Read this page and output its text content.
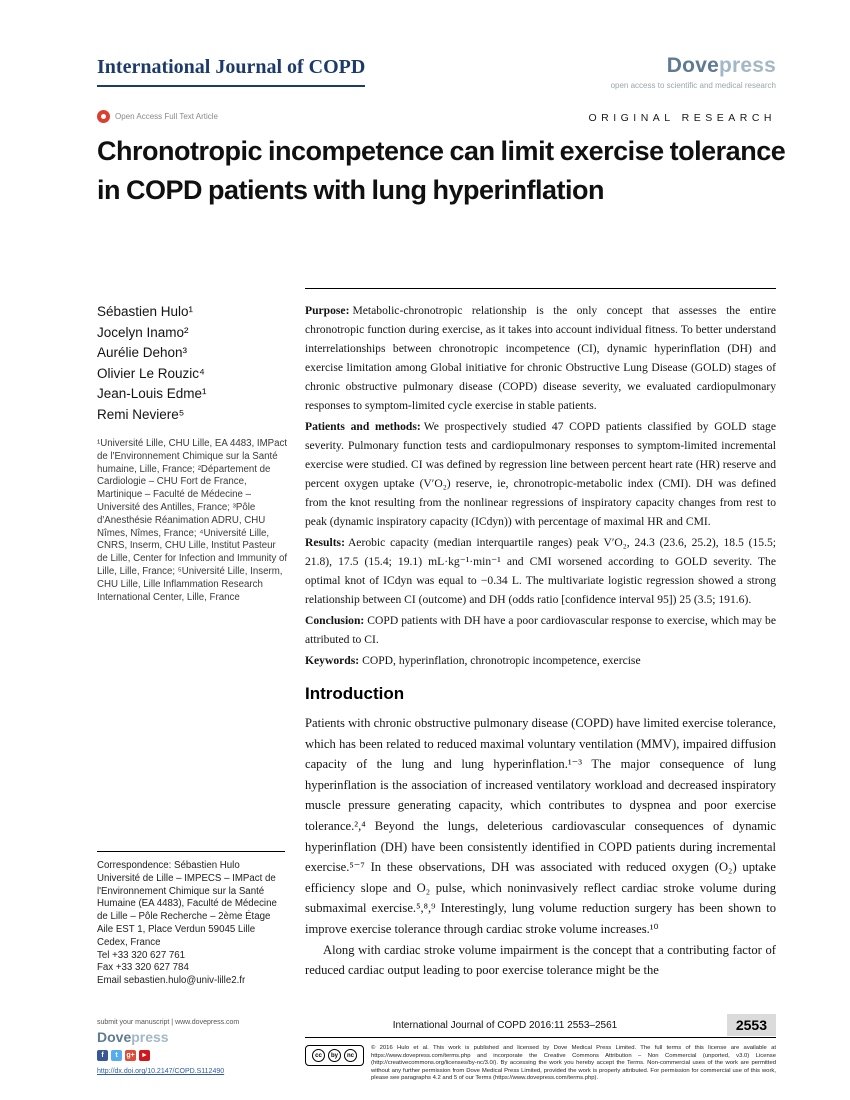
International Journal of COPD	Dovepress
open access to scientific and medical research
Open Access Full Text Article	ORIGINAL RESEARCH
Chronotropic incompetence can limit exercise tolerance in COPD patients with lung hyperinflation
Sébastien Hulo¹
Jocelyn Inamo²
Aurélie Dehon³
Olivier Le Rouzic⁴
Jean-Louis Edme¹
Remi Neviere⁵

¹Université Lille, CHU Lille, EA 4483, IMPact de l'Environnement Chimique sur la Santé humaine, Lille, France; ²Département de Cardiologie – CHU Fort de France, Martinique – Faculté de Médecine – Université des Antilles, France; ³Pôle d'Anesthésie Réanimation ADRU, CHU Nîmes, Nîmes, France; ⁴Université Lille, CNRS, Inserm, CHU Lille, Institut Pasteur de Lille, Center for Infection and Immunity of Lille, Lille, France; ⁵Université Lille, Inserm, CHU Lille, Lille Inflammation Research International Center, Lille, France

Correspondence: Sébastien Hulo

Université de Lille – IMPECS – IMPact de l'Environnement Chimique sur la Santé Humaine (EA 4483), Faculté de Médecine de Lille – Pôle Recherche – 2ème Étage Aile EST 1, Place Verdun 59045 Lille Cedex, France

Tel +33 320 627 761

Fax +33 320 627 784

Email sebastien.hulo@univ-lille2.fr

Purpose: Metabolic-chronotropic relationship is the only concept that assesses the entire chronotropic function during exercise, as it takes into account individual fitness. To better understand interrelationships between chronotropic incompetence (CI), dynamic hyperinflation (DH) and exercise limitation among Global initiative for chronic Obstructive Lung Disease (GOLD) stages of chronic obstructive pulmonary disease (COPD) disease severity, we evaluated cardiopulmonary responses to symptom-limited cycle exercise in stable patients.

Patients and methods: We prospectively studied 47 COPD patients classified by GOLD stage severity. Pulmonary function tests and cardiopulmonary responses to symptom-limited incremental exercise were studied. CI was defined by regression line between percent heart rate (HR) reserve and percent oxygen uptake (V′O₂) reserve, ie, chronotropic-metabolic index (CMI). DH was defined from the knot resulting from the nonlinear regressions of inspiratory capacity changes from rest to peak (dynamic inspiratory capacity (ICdyn)) with percentage of maximal HR and CMI.

Results: Aerobic capacity (median interquartile ranges) peak V′O₂, 24.3 (23.6, 25.2), 18.5 (15.5; 21.8), 17.5 (15.4; 19.1) mL·kg⁻¹·min⁻¹ and CMI worsened according to GOLD severity. The optimal knot of ICdyn was equal to −0.34 L. The multivariate logistic regression showed a strong relationship between CI (outcome) and DH (odds ratio [confidence interval 95]) 25 (3.5; 191.6).

Conclusion: COPD patients with DH have a poor cardiovascular response to exercise, which may be attributed to CI.

Keywords: COPD, hyperinflation, chronotropic incompetence, exercise

Introduction

Patients with chronic obstructive pulmonary disease (COPD) have limited exercise tolerance, which has been related to reduced maximal voluntary ventilation (MMV), impaired diffusion capacity of the lung and lung hyperinflation.¹⁻³ The major consequence of lung hyperinflation is the association of increased ventilatory workload and decreased inspiratory muscle pressure generating capacity, which contributes to dyspnea and poor exercise tolerance.²,⁴ Beyond the lungs, deleterious cardiovascular consequences of dynamic hyperinflation (DH) have been consistently identified in COPD patients during incremental exercise.⁵⁻⁷ In these observations, DH was associated with reduced oxygen (O₂) uptake efficiency slope and O₂ pulse, which noninvasively reflect cardiac stroke volume during submaximal exercise.⁵,⁸,⁹ Interestingly, lung volume reduction surgery has been shown to improve exercise tolerance through cardiac stroke volume increases.¹⁰

Along with cardiac stroke volume impairment is the concept that a contributing factor of reduced cardiac output leading to poor exercise tolerance might be the

submit your manuscript | www.dovepress.com
Dovepress
f	t	g+ ►
http://dx.doi.org/10.2147/COPD.S112490
International Journal of COPD 2016:11 2553–2561	2553
cc	by	nc

© 2016 Hulo et al. This work is published and licensed by Dove Medical Press Limited. The full terms of this license are available at https://www.dovepress.com/terms.php and incorporate the Creative Commons Attribution – Non Commercial (unported, v3.0) License (http://creativecommons.org/licenses/by-nc/3.0/). By accessing the work you hereby accept the Terms. Non-commercial uses of the work are permitted without any further permission from Dove Medical Press Limited, provided the work is properly attributed. For permission for commercial use of this work, please see paragraphs 4.2 and 5 of our Terms (https://www.dovepress.com/terms.php).
